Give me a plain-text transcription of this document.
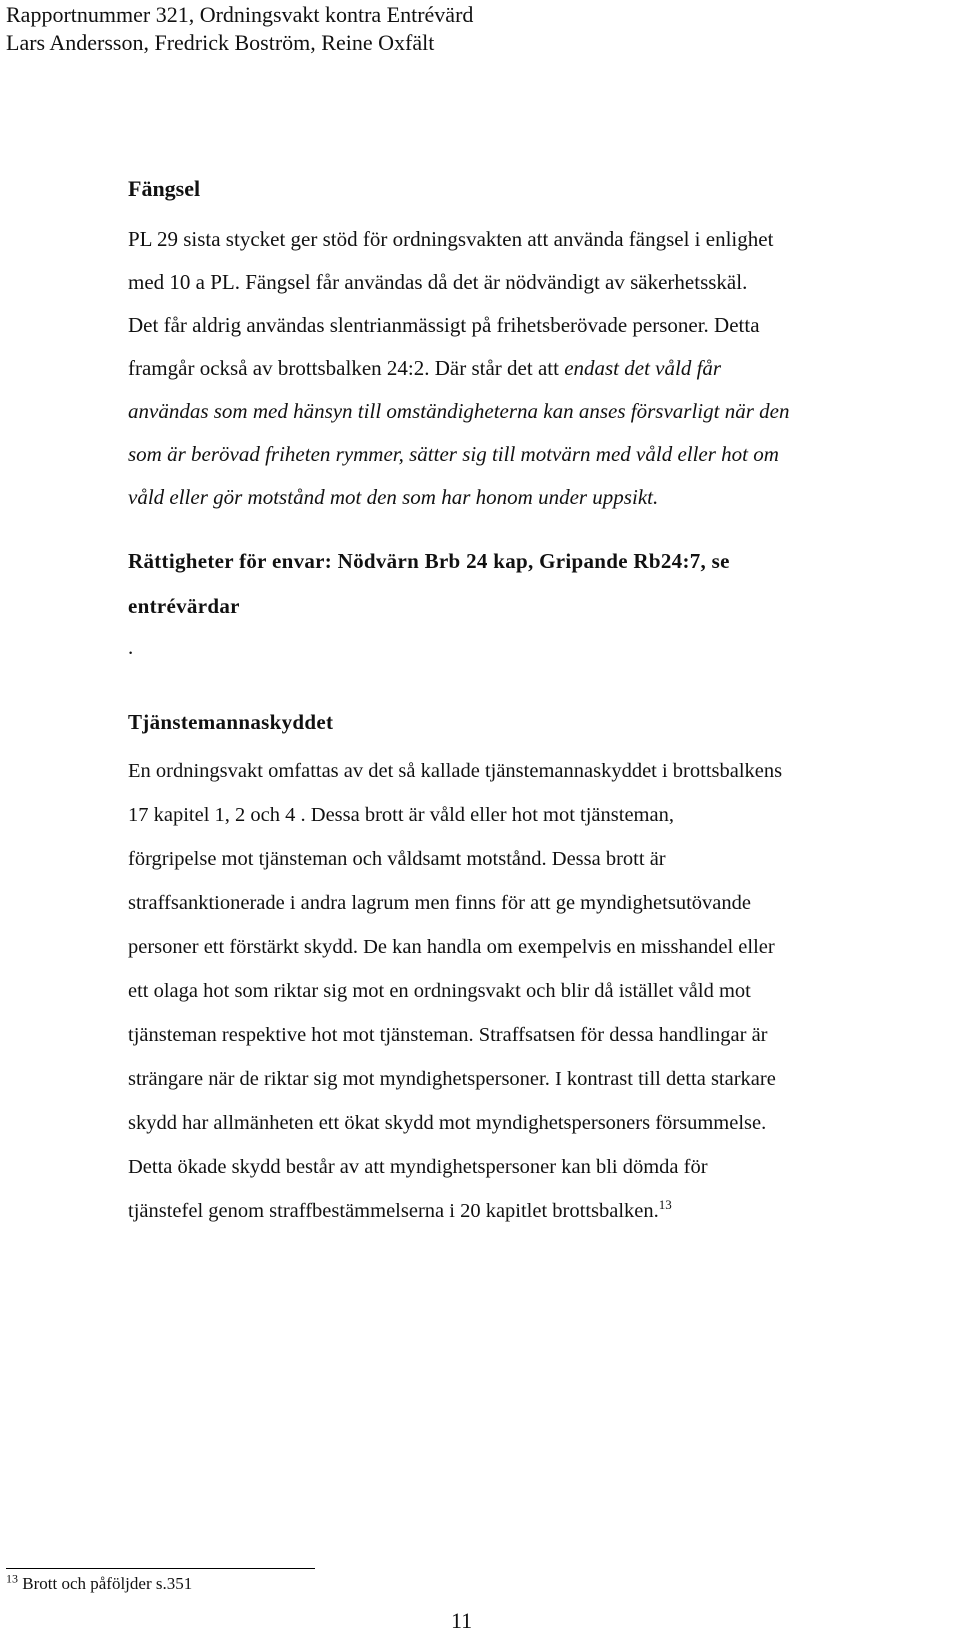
Rapportnummer 321, Ordningsvakt kontra Entrévärd
Lars Andersson, Fredrick Boström, Reine Oxfält
Fängsel
PL 29 sista stycket ger stöd för ordningsvakten att använda fängsel i enlighet
med 10 a PL. Fängsel får användas då det är nödvändigt av säkerhetsskäl.
Det får aldrig användas slentrianmässigt på frihetsberövade personer. Detta
framgår också av brottsbalken 24:2. Där står det att endast det våld får
användas som med hänsyn till omständigheterna kan anses försvarligt när den
som är berövad friheten rymmer, sätter sig till motvärn med våld eller hot om
våld eller gör motstånd mot den som har honom under uppsikt.
Rättigheter för envar: Nödvärn Brb 24 kap, Gripande Rb24:7, se
entrévärdar
.
Tjänstemannaskyddet
En ordningsvakt omfattas av det så kallade tjänstemannaskyddet i brottsbalkens
17 kapitel 1, 2 och 4 . Dessa brott är våld eller hot mot tjänsteman,
förgripelse mot tjänsteman och våldsamt motstånd. Dessa brott är
straffsanktionerade i andra lagrum men finns för att ge myndighetsutövande
personer ett förstärkt skydd. De kan handla om exempelvis en misshandel eller
ett olaga hot som riktar sig mot en ordningsvakt och blir då istället våld mot
tjänsteman respektive hot mot tjänsteman. Straffsatsen för dessa handlingar är
strängare när de riktar sig mot myndighetspersoner. I kontrast till detta starkare
skydd har allmänheten ett ökat skydd mot myndighetspersoners försummelse.
Detta ökade skydd består av att myndighetspersoner kan bli dömda för
tjänstefel genom straffbestämmelserna i 20 kapitlet brottsbalken.$^{13}$
$^{13}$ Brott och påföljder s.351
11
